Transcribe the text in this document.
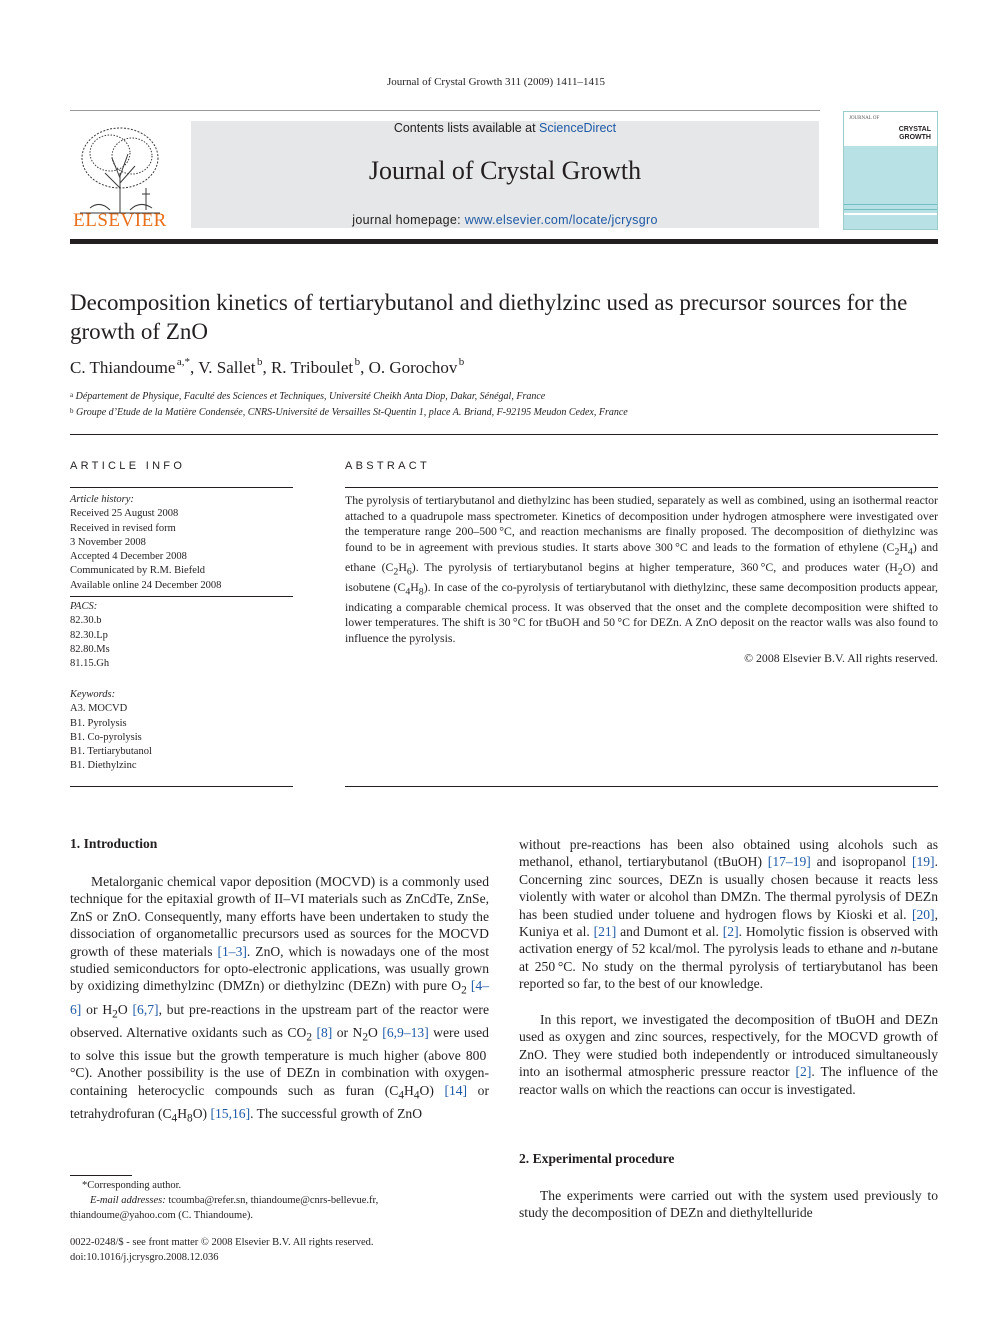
Journal of Crystal Growth 311 (2009) 1411–1415
ELSEVIER
Contents lists available at ScienceDirect
Journal of Crystal Growth
journal homepage: www.elsevier.com/locate/jcrysgro
JOURNAL OF
CRYSTAL
GROWTH
Decomposition kinetics of tertiarybutanol and diethylzinc used as precursor sources for the growth of ZnO
C. Thiandoume $^{a,*}$, V. Sallet $^b$, R. Triboulet $^b$, O. Gorochov $^b$
$^a$ Département de Physique, Faculté des Sciences et Techniques, Université Cheikh Anta Diop, Dakar, Sénégal, France
$^b$ Groupe d’Etude de la Matière Condensée, CNRS-Université de Versailles St-Quentin 1, place A. Briand, F-92195 Meudon Cedex, France
ARTICLE INFO	ABSTRACT
Article history:
Received 25 August 2008
Received in revised form
3 November 2008
Accepted 4 December 2008
Communicated by R.M. Biefeld
Available online 24 December 2008
PACS:
82.30.b
82.30.Lp
82.80.Ms
81.15.Gh
Keywords:
A3. MOCVD
B1. Pyrolysis
B1. Co-pyrolysis
B1. Tertiarybutanol
B1. Diethylzinc
The pyrolysis of tertiarybutanol and diethylzinc has been studied, separately as well as combined, using an isothermal reactor attached to a quadrupole mass spectrometer. Kinetics of decomposition under hydrogen atmosphere were investigated over the temperature range 200–500 °C, and reaction mechanisms are finally proposed. The decomposition of diethylzinc was found to be in agreement with previous studies. It starts above 300 °C and leads to the formation of ethylene $(C_2H_4)$ and ethane $(C_2H_6)$. The pyrolysis of tertiarybutanol begins at higher temperature, 360 °C, and produces water $(H_2O)$ and isobutene $(C_4H_8)$. In case of the co-pyrolysis of tertiarybutanol with diethylzinc, these same decomposition products appear, indicating a comparable chemical process. It was observed that the onset and the complete decomposition were shifted to lower temperatures. The shift is 30 °C for tBuOH and 50 °C for DEZn. A ZnO deposit on the reactor walls was also found to influence the pyrolysis.
© 2008 Elsevier B.V. All rights reserved.
1. Introduction
Metalorganic chemical vapor deposition (MOCVD) is a commonly used technique for the epitaxial growth of II–VI materials such as ZnCdTe, ZnSe, ZnS or ZnO. Consequently, many efforts have been undertaken to study the dissociation of organometallic precursors used as sources for the MOCVD growth of these materials [1–3]. ZnO, which is nowadays one of the most studied semiconductors for opto-electronic applications, was usually grown by oxidizing dimethylzinc (DMZn) or diethylzinc (DEZn) with pure $O_2$ [4–6] or $H_2O$ [6,7], but pre-reactions in the upstream part of the reactor were observed. Alternative oxidants such as $CO_2$ [8] or $N_2O$ [6,9–13] were used to solve this issue but the growth temperature is much higher (above 800 °C). Another possibility is the use of DEZn in combination with oxygen-containing heterocyclic compounds such as furan $(C_4H_4O)$ [14] or tetrahydrofuran $(C_4H_8O)$ [15,16]. The successful growth of ZnO
without pre-reactions has been also obtained using alcohols such as methanol, ethanol, tertiarybutanol (tBuOH) [17–19] and isopropanol [19]. Concerning zinc sources, DEZn is usually chosen because it reacts less violently with water or alcohol than DMZn. The thermal pyrolysis of DEZn has been studied under toluene and hydrogen flows by Kioski et al. [20], Kuniya et al. [21] and Dumont et al. [2]. Homolytic fission is observed with activation energy of 52 kcal/mol. The pyrolysis leads to ethane and n-butane at 250 °C. No study on the thermal pyrolysis of tertiarybutanol has been reported so far, to the best of our knowledge.
In this report, we investigated the decomposition of tBuOH and DEZn used as oxygen and zinc sources, respectively, for the MOCVD growth of ZnO. They were studied both independently or introduced simultaneously into an isothermal atmospheric pressure reactor [2]. The influence of the reactor walls on which the reactions can occur is investigated.
2. Experimental procedure
The experiments were carried out with the system used previously to study the decomposition of DEZn and diethyltelluride
*Corresponding author.
E-mail addresses: tcoumba@refer.sn, thiandoume@cnrs-bellevue.fr,
thiandoume@yahoo.com (C. Thiandoume).
0022-0248/$ - see front matter © 2008 Elsevier B.V. All rights reserved.
doi:10.1016/j.jcrysgro.2008.12.036
